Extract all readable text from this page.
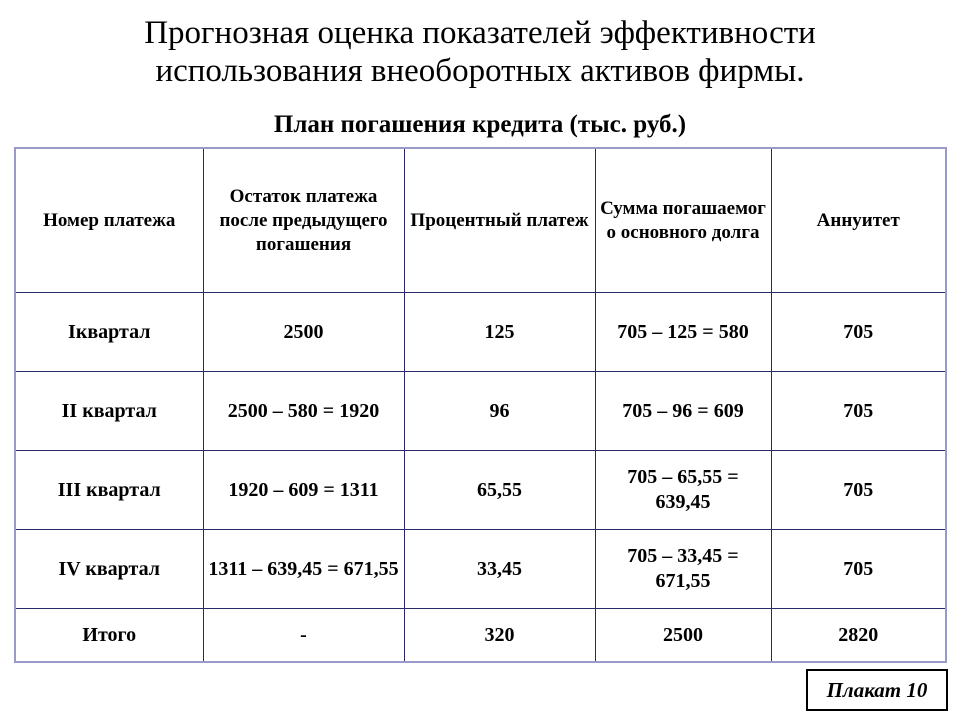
Прогнозная оценка показателей эффективности
использования внеоборотных активов фирмы.
План погашения кредита (тыс. руб.)
Номер платежа	Остаток платежа после предыдущего погашения	Процентный платеж	Сумма погашаемог о основного долга	Аннуитет
Iквартал	2500	125	705 – 125 = 580	705
II квартал	2500 – 580 = 1920	96	705 – 96 = 609	705
III квартал	1920 – 609 = 1311	65,55	705 – 65,55 = 639,45	705
IV квартал	1311 – 639,45 = 671,55	33,45	705 – 33,45 = 671,55	705
Итого	-	320	2500	2820
Плакат 10
